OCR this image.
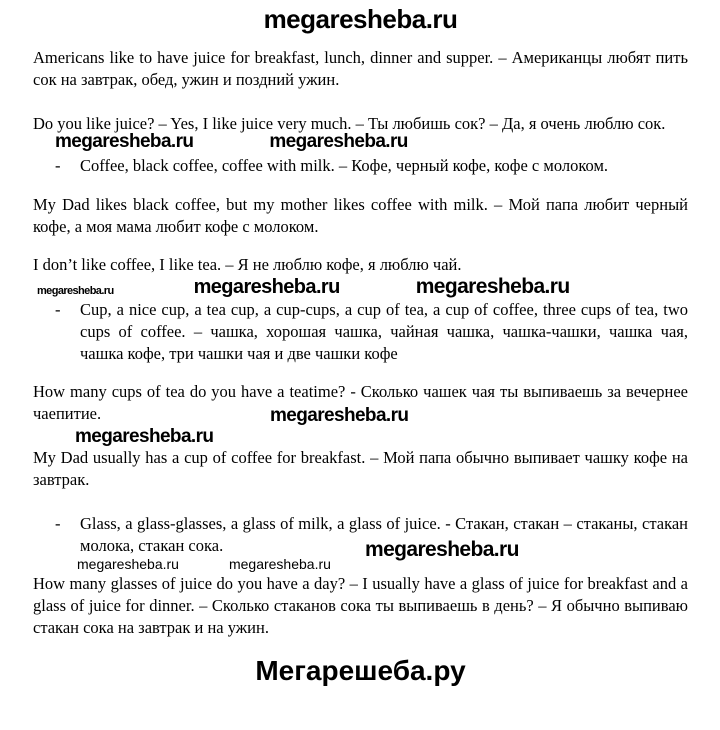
megaresheba.ru

Americans like to have juice for breakfast, lunch, dinner and supper. – Американцы любят пить сок на завтрак, обед, ужин и поздний ужин.

Do you like juice? – Yes, I like juice very much. – Ты любишь сок? – Да, я очень люблю сок.

megaresheba.ru	megaresheba.ru

- Coffee, black coffee, coffee with milk. – Кофе, черный кофе, кофе с молоком.

My Dad likes black coffee, but my mother likes coffee with milk. – Мой папа любит черный кофе, а моя мама любит кофе с молоком.

I don’t like coffee, I like tea. – Я не люблю кофе, я люблю чай.

megaresheba.ru	megaresheba.ru	megaresheba.ru

- Cup, a nice cup, a tea cup, a cup-cups, a cup of tea, a cup of coffee, three cups of tea, two cups of coffee. – чашка, хорошая чашка, чайная чашка, чашка-чашки, чашка чая, чашка кофе, три чашки чая и две чашки кофе

How many cups of tea do you have a teatime? - Сколько чашек чая ты выпиваешь за вечернее чаепитие.	megaresheba.ru

megaresheba.ru

My Dad usually has a cup of coffee for breakfast. – Мой папа обычно выпивает чашку кофе на завтрак.

- Glass, a glass-glasses, a glass of milk, a glass of juice. - Стакан, стакан – стаканы, стакан молока, стакан сока.	megaresheba.ru

megaresheba.ru	megaresheba.ru

How many glasses of juice do you have a day? – I usually have a glass of juice for breakfast and a glass of juice for dinner. – Сколько стаканов сока ты выпиваешь в день? – Я обычно выпиваю стакан сока на завтрак и на ужин.

Мегарешеба.ру
